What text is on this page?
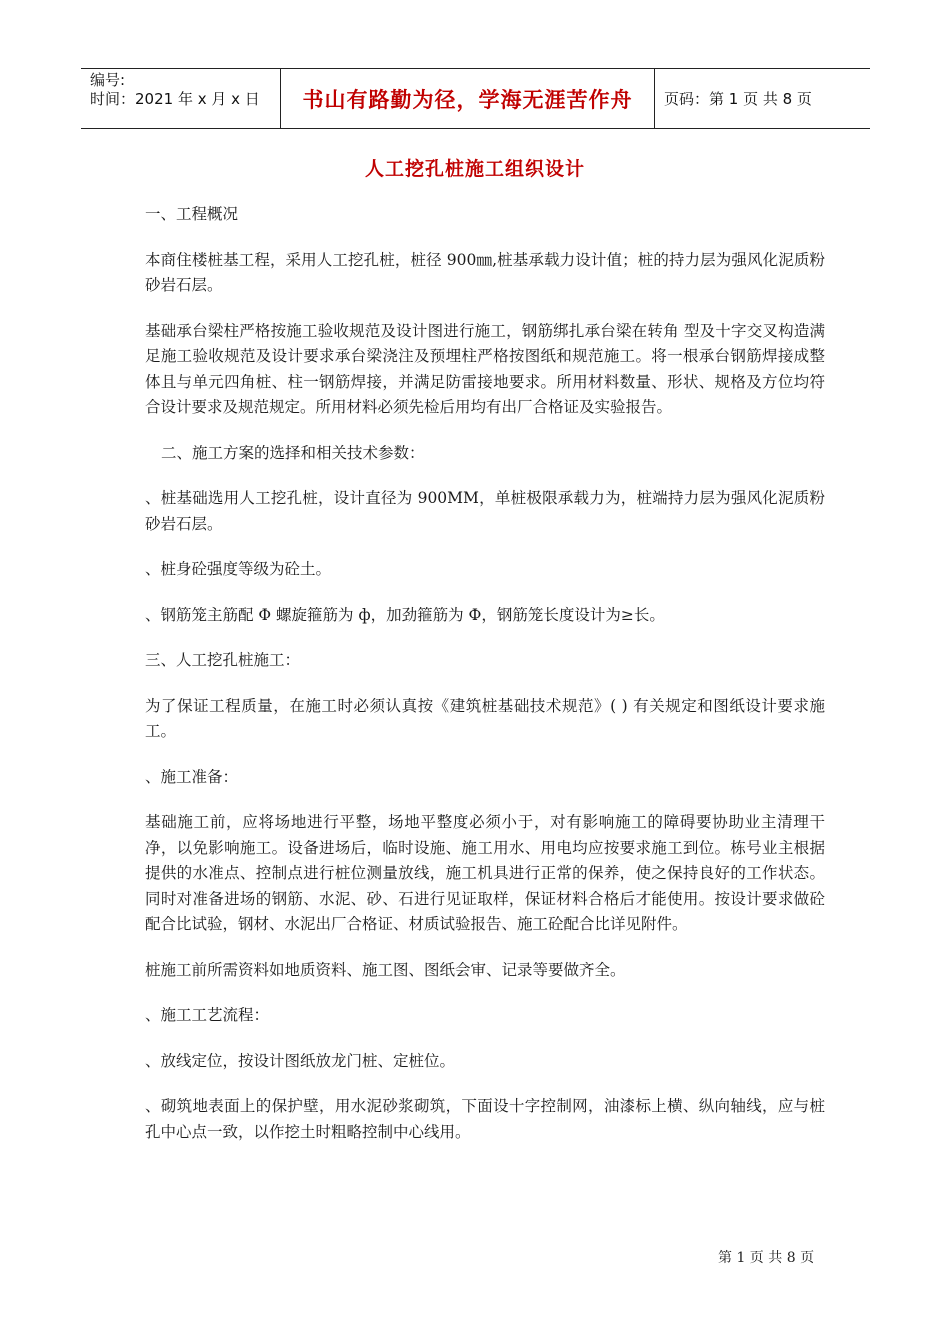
编号:
时间：2021 年 x 月 x 日	书山有路勤为径，学海无涯苦作舟	页码：第 1 页 共 8 页
人工挖孔桩施工组织设计

一、工程概况

本商住楼桩基工程，采用人工挖孔桩，桩径 900㎜,桩基承载力设计值；桩的持力层为强风化泥质粉砂岩石层。

基础承台梁柱严格按施工验收规范及设计图进行施工，钢筋绑扎承台梁在转角 型及十字交叉构造满足施工验收规范及设计要求承台梁浇注及预埋柱严格按图纸和规范施工。将一根承台钢筋焊接成整体且与单元四角桩、柱一钢筋焊接，并满足防雷接地要求。所用材料数量、形状、规格及方位均符合设计要求及规范规定。所用材料必须先检后用均有出厂合格证及实验报告。

二、施工方案的选择和相关技术参数：

、桩基础选用人工挖孔桩，设计直径为 900MM，单桩极限承载力为，桩端持力层为强风化泥质粉砂岩石层。

、桩身砼强度等级为砼土。

、钢筋笼主筋配 Φ 螺旋箍筋为 ф，加劲箍筋为 Ф，钢筋笼长度设计为≥长。

三、人工挖孔桩施工：

为了保证工程质量，在施工时必须认真按《建筑桩基础技术规范》( ) 有关规定和图纸设计要求施工。

、施工准备：

基础施工前，应将场地进行平整，场地平整度必须小于，对有影响施工的障碍要协助业主清理干净，以免影响施工。设备进场后，临时设施、施工用水、用电均应按要求施工到位。栋号业主根据提供的水准点、控制点进行桩位测量放线，施工机具进行正常的保养，使之保持良好的工作状态。同时对准备进场的钢筋、水泥、砂、石进行见证取样，保证材料合格后才能使用。按设计要求做砼配合比试验，钢材、水泥出厂合格证、材质试验报告、施工砼配合比详见附件。

桩施工前所需资料如地质资料、施工图、图纸会审、记录等要做齐全。

、施工工艺流程：

、放线定位，按设计图纸放龙门桩、定桩位。

、砌筑地表面上的保护壁，用水泥砂浆砌筑，下面设十字控制网，油漆标上横、纵向轴线，应与桩孔中心点一致，以作挖土时粗略控制中心线用。

第 1 页 共 8 页
